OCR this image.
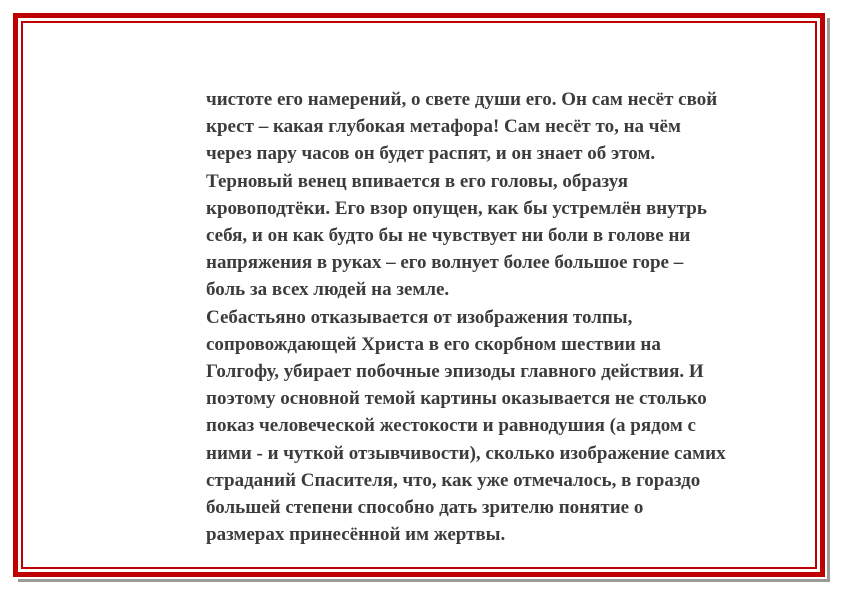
чистоте его намерений, о свете души его. Он сам несёт свой
крест – какая глубокая метафора! Сам несёт то, на чём
через пару часов он будет распят, и он знает об этом.
Терновый венец впивается в его головы, образуя
кровоподтёки. Его взор опущен, как бы устремлён внутрь
себя, и он как будто бы не чувствует ни боли в голове ни
напряжения в руках – его волнует более большое горе –
боль за всех людей на земле.
Себастьяно отказывается от изображения толпы,
сопровождающей Христа в его скорбном шествии на
Голгофу, убирает побочные эпизоды главного действия. И
поэтому основной темой картины оказывается не столько
показ человеческой жестокости и равнодушия (а рядом с
ними - и чуткой отзывчивости), сколько изображение самих
страданий Спасителя, что, как уже отмечалось, в гораздо
большей степени способно дать зрителю понятие о
размерах принесённой им жертвы.
